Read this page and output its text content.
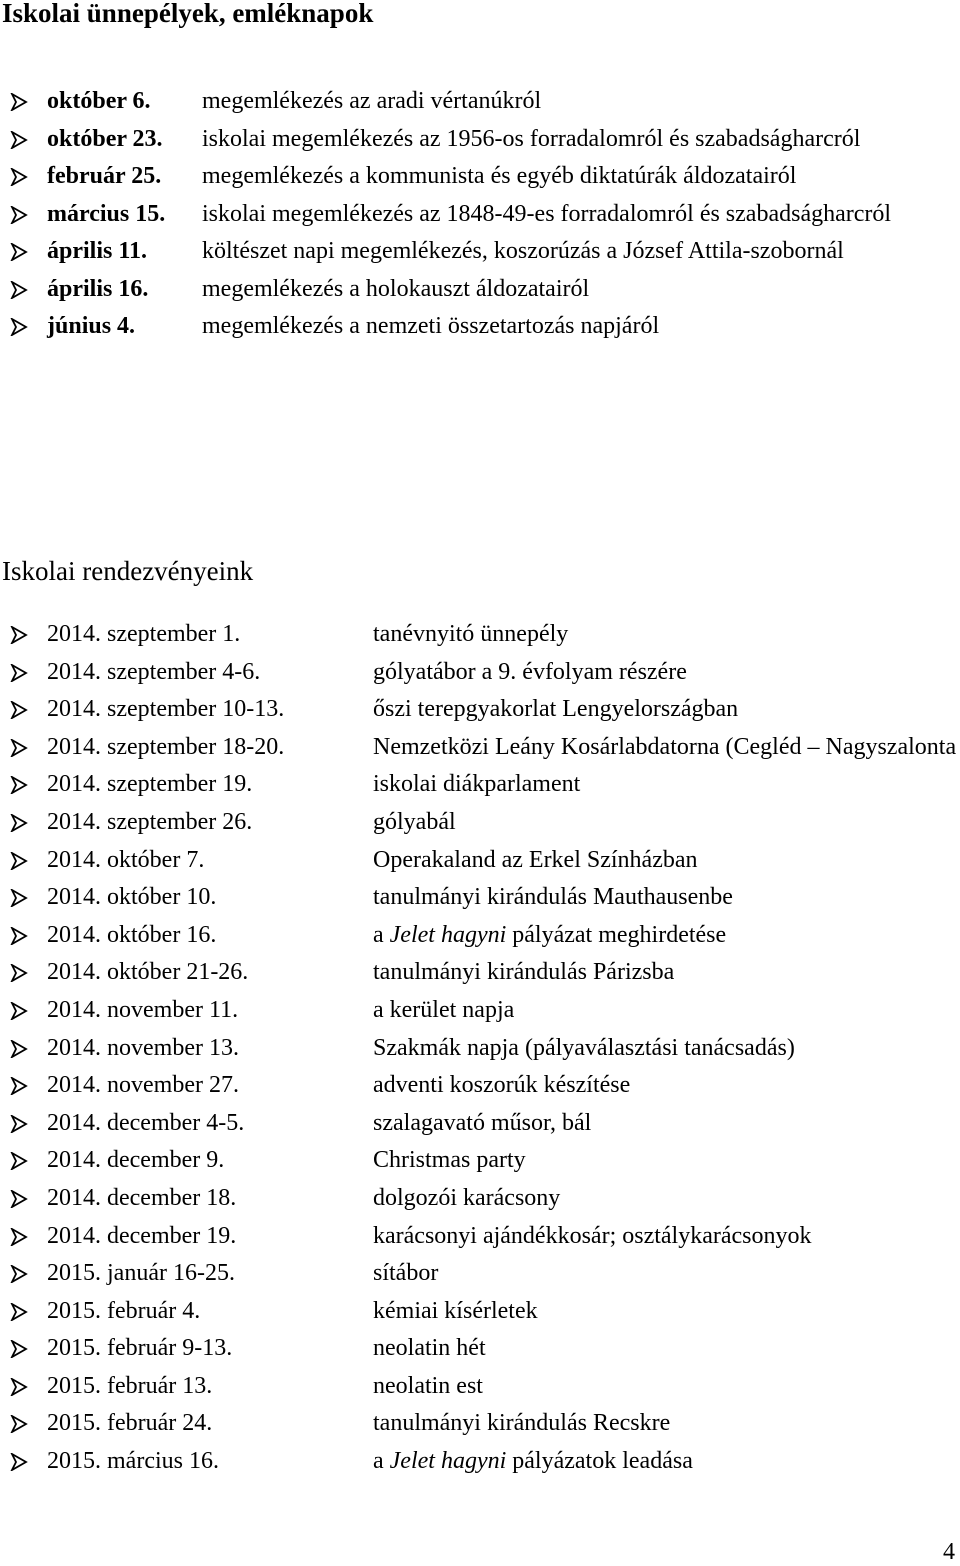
Iskolai ünnepélyek, emléknapok
október 6.	megemlékezés az aradi vértanúkról
október 23.	iskolai megemlékezés az 1956-os forradalomról és szabadságharcról
február 25.	megemlékezés a kommunista és egyéb diktatúrák áldozatairól
március 15.	iskolai megemlékezés az 1848-49-es forradalomról és szabadságharcról
április 11.	költészet napi megemlékezés, koszorúzás a József Attila-szobornál
április 16.	megemlékezés a holokauszt áldozatairól
június 4.	megemlékezés a nemzeti összetartozás napjáról
Iskolai rendezvényeink
2014. szeptember 1.	tanévnyitó ünnepély
2014. szeptember 4-6.	gólyatábor a 9. évfolyam részére
2014. szeptember 10-13.	őszi terepgyakorlat Lengyelországban
2014. szeptember 18-20.	Nemzetközi Leány Kosárlabdatorna (Cegléd – Nagyszalonta
2014. szeptember 19.	iskolai diákparlament
2014. szeptember 26.	gólyabál
2014. október 7.	Operakaland az Erkel Színházban
2014. október 10.	tanulmányi kirándulás Mauthausenbe
2014. október 16.	a Jelet hagyni pályázat meghirdetése
2014. október 21-26.	tanulmányi kirándulás Párizsba
2014. november 11.	a kerület napja
2014. november 13.	Szakmák napja (pályaválasztási tanácsadás)
2014. november 27.	adventi koszorúk készítése
2014. december 4-5.	szalagavató műsor, bál
2014. december 9.	Christmas party
2014. december 18.	dolgozói karácsony
2014. december 19.	karácsonyi ajándékkosár; osztálykarácsonyok
2015. január 16-25.	sítábor
2015. február 4.	kémiai kísérletek
2015. február 9-13.	neolatin hét
2015. február 13.	neolatin est
2015. február 24.	tanulmányi kirándulás Recskre
2015. március 16.	a Jelet hagyni pályázatok leadása
4
